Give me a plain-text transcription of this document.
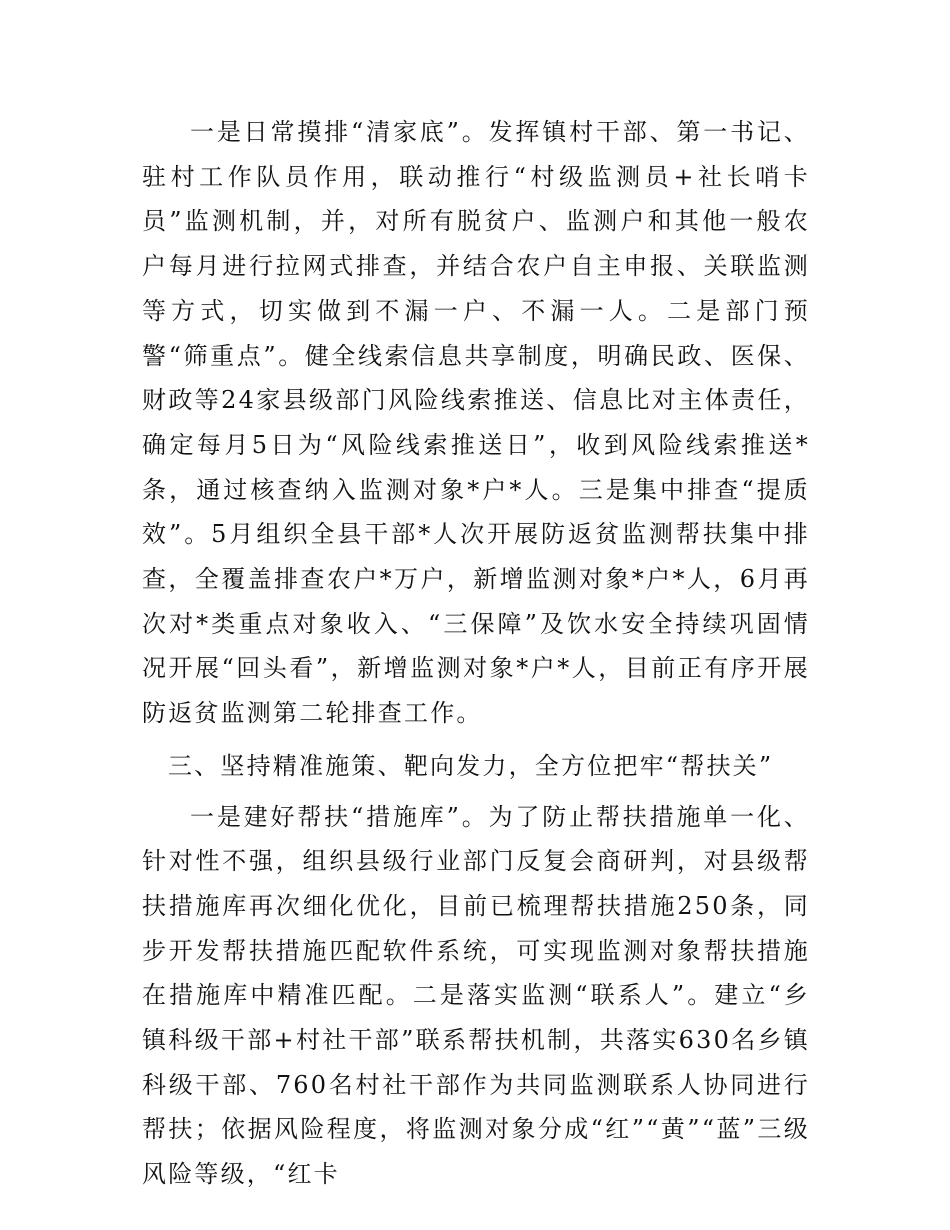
一是日常摸排“清家底”。发挥镇村干部、第一书记、驻村工作队员作用，联动推行“村级监测员+社长哨卡员”监测机制，并，对所有脱贫户、监测户和其他一般农户每月进行拉网式排查，并结合农户自主申报、关联监测等方式，切实做到不漏一户、不漏一人。二是部门预警“筛重点”。健全线索信息共享制度，明确民政、医保、财政等24家县级部门风险线索推送、信息比对主体责任，确定每月5日为“风险线索推送日”，收到风险线索推送*条，通过核查纳入监测对象*户*人。三是集中排查“提质效”。5月组织全县干部*人次开展防返贫监测帮扶集中排查，全覆盖排查农户*万户，新增监测对象*户*人，6月再次对*类重点对象收入、“三保障”及饮水安全持续巩固情况开展“回头看”，新增监测对象*户*人，目前正有序开展防返贫监测第二轮排查工作。

三、坚持精准施策、靶向发力，全方位把牢“帮扶关”

一是建好帮扶“措施库”。为了防止帮扶措施单一化、针对性不强，组织县级行业部门反复会商研判，对县级帮扶措施库再次细化优化，目前已梳理帮扶措施250条，同步开发帮扶措施匹配软件系统，可实现监测对象帮扶措施在措施库中精准匹配。二是落实监测“联系人”。建立“乡镇科级干部+村社干部”联系帮扶机制，共落实630名乡镇科级干部、760名村社干部作为共同监测联系人协同进行帮扶；依据风险程度，将监测对象分成“红”“黄”“蓝”三级风险等级，“红卡
